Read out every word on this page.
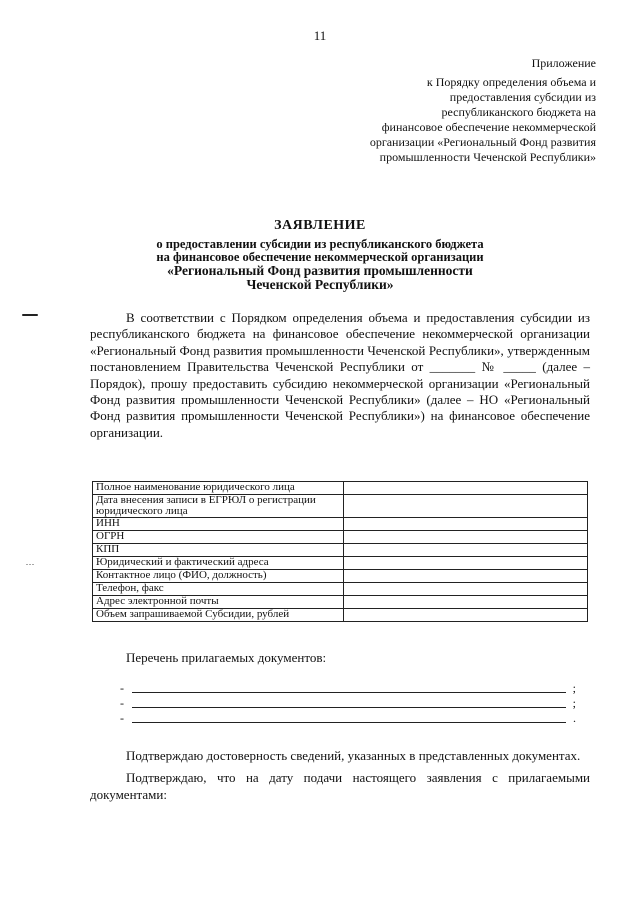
11
Приложение
к Порядку определения объема и
предоставления субсидии из
республиканского бюджета на
финансовое обеспечение некоммерческой
организации «Региональный Фонд развития
промышленности Чеченской Республики»
ЗАЯВЛЕНИЕ
о предоставлении субсидии из республиканского бюджета
на финансовое обеспечение некоммерческой организации
«Региональный Фонд развития промышленности
Чеченской Республики»

В соответствии с Порядком определения объема и предоставления субсидии из республиканского бюджета на финансовое обеспечение некоммерческой организации «Региональный Фонд развития промышленности Чеченской Республики», утвержденным постановлением Правительства Чеченской Республики от _______ № _____ (далее – Порядок), прошу предоставить субсидию некоммерческой организации «Региональный Фонд развития промышленности Чеченской Республики» (далее – НО «Региональный Фонд развития промышленности Чеченской Республики») на финансовое обеспечение организации.

Полное наименование юридического лица	
Дата внесения записи в ЕГРЮЛ о регистрации юридического лица	
ИНН	
ОГРН	
КПП	
Юридический и фактический адреса	
Контактное лицо (ФИО, должность)	
Телефон, факс	
Адрес электронной почты	
Объем запрашиваемой Субсидии, рублей	
...
Перечень прилагаемых документов:
-	;
-	;
-	.

Подтверждаю достоверность сведений, указанных в представленных документах.

Подтверждаю, что на дату подачи настоящего заявления с прилагаемыми документами:
